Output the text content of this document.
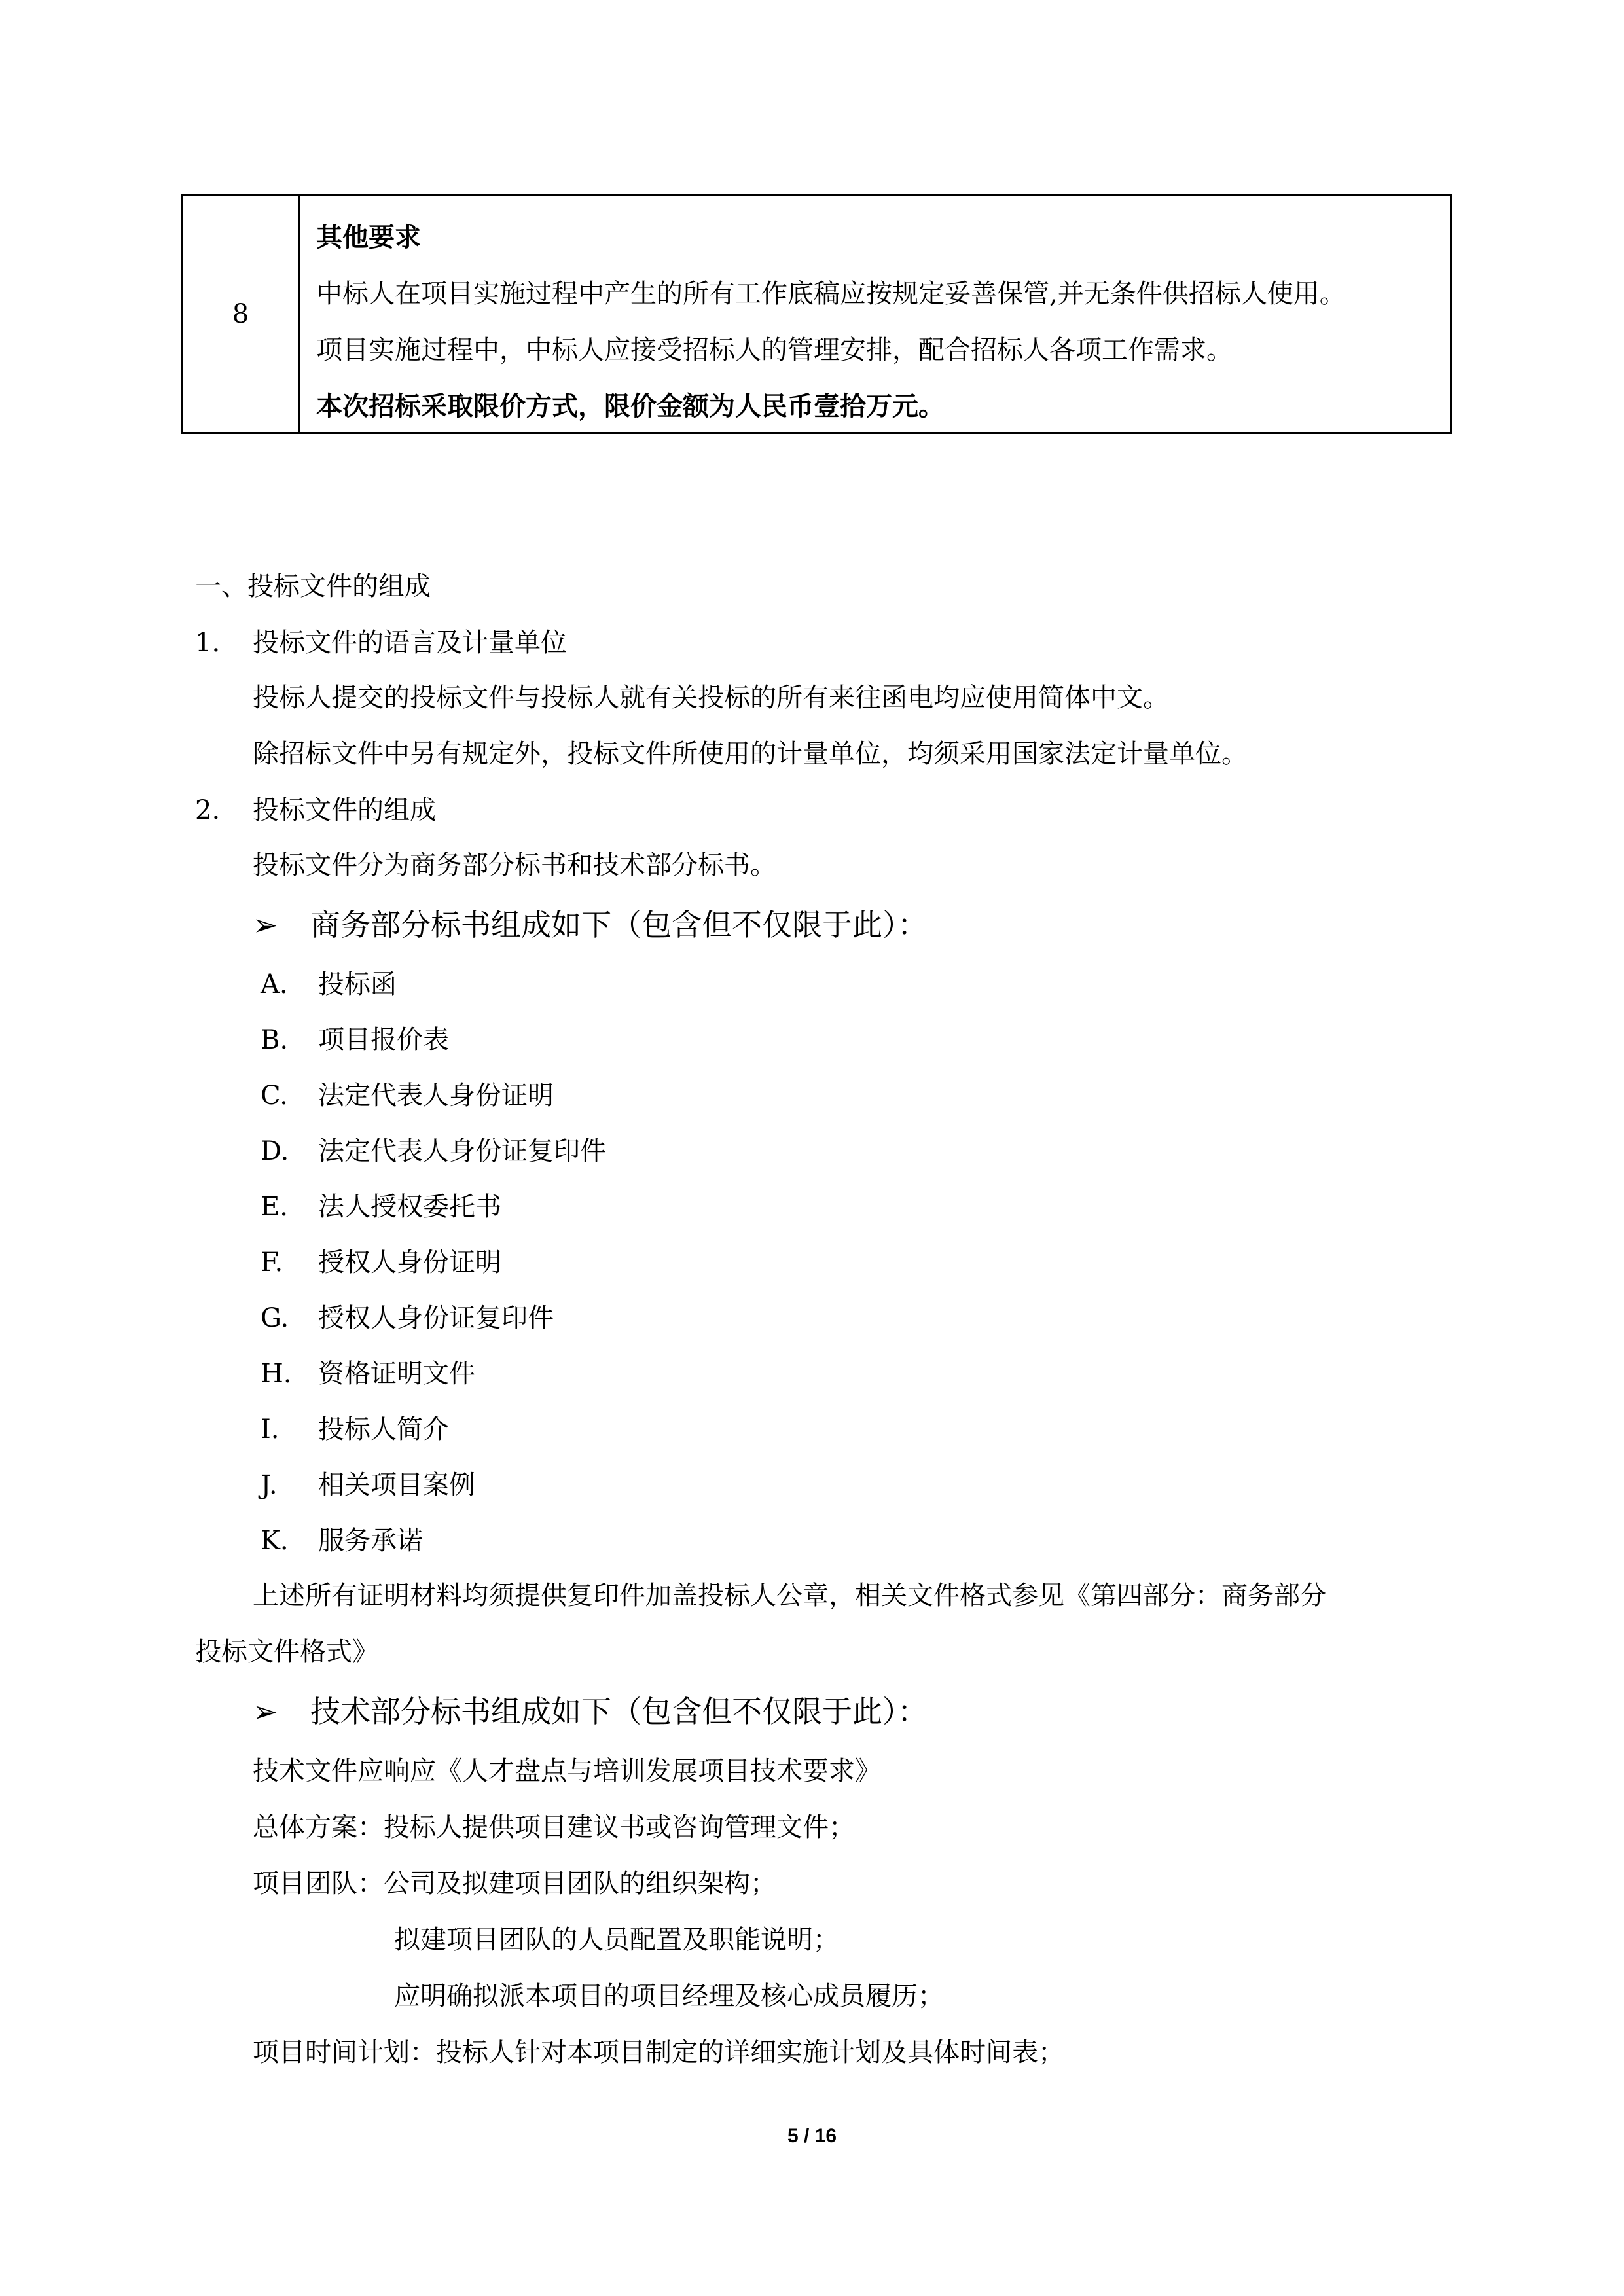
8
其他要求
中标人在项目实施过程中产生的所有工作底稿应按规定妥善保管,并无条件供招标人使用。
项目实施过程中，中标人应接受招标人的管理安排，配合招标人各项工作需求。
本次招标采取限价方式，限价金额为人民币壹拾万元。
一、投标文件的组成
1. 投标文件的语言及计量单位
投标人提交的投标文件与投标人就有关投标的所有来往函电均应使用简体中文。
除招标文件中另有规定外，投标文件所使用的计量单位，均须采用国家法定计量单位。
2. 投标文件的组成
投标文件分为商务部分标书和技术部分标书。
➢ 商务部分标书组成如下（包含但不仅限于此）：
A. 投标函
B. 项目报价表
C. 法定代表人身份证明
D. 法定代表人身份证复印件
E. 法人授权委托书
F. 授权人身份证明
G. 授权人身份证复印件
H. 资格证明文件
I. 投标人简介
J. 相关项目案例
K. 服务承诺
上述所有证明材料均须提供复印件加盖投标人公章，相关文件格式参见《第四部分：商务部分
投标文件格式》
➢ 技术部分标书组成如下（包含但不仅限于此）：
技术文件应响应《人才盘点与培训发展项目技术要求》
总体方案：投标人提供项目建议书或咨询管理文件；
项目团队：公司及拟建项目团队的组织架构；
拟建项目团队的人员配置及职能说明；
应明确拟派本项目的项目经理及核心成员履历；
项目时间计划：投标人针对本项目制定的详细实施计划及具体时间表；
5 / 16
